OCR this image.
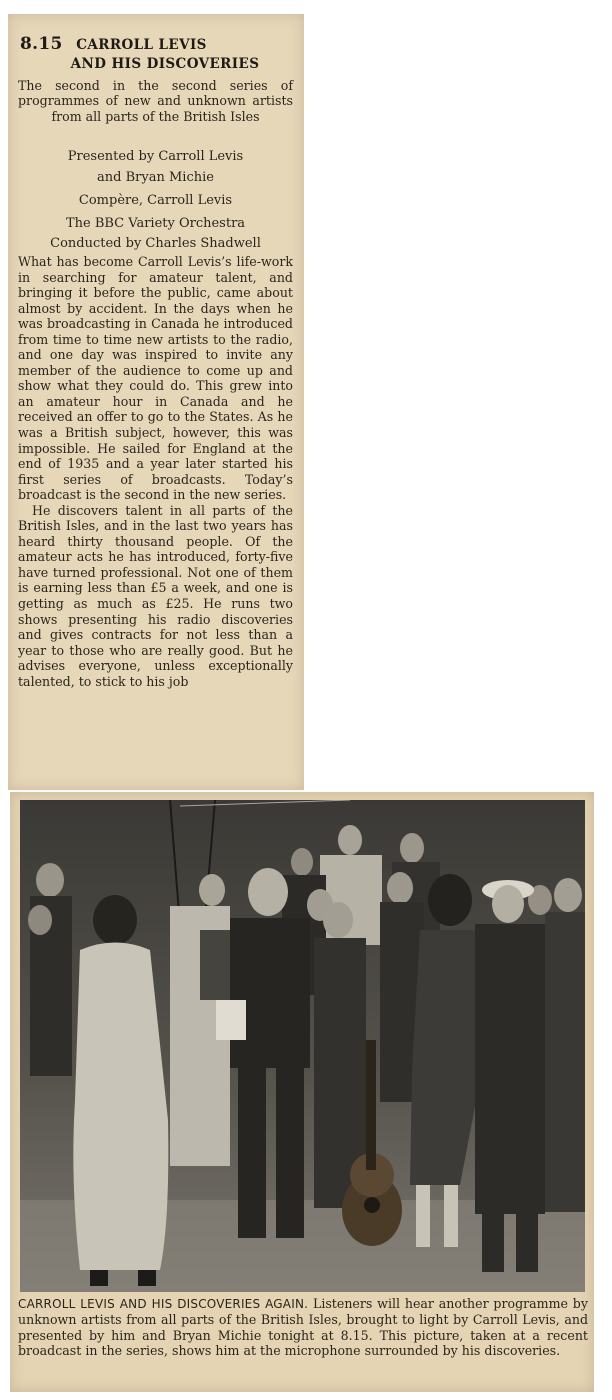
8.15 CARROLL LEVIS
AND HIS DISCOVERIES
The second in the second series of programmes of new and unknown artists from all parts of the British Isles
Presented by Carroll Levis
and Bryan Michie
Compère, Carroll Levis
The BBC Variety Orchestra
Conducted by Charles Shadwell

What has become Carroll Levis’s life-work in searching for amateur talent, and bringing it before the public, came about almost by accident. In the days when he was broadcasting in Canada he introduced from time to time new artists to the radio, and one day was inspired to invite any member of the audience to come up and show what they could do. This grew into an amateur hour in Canada and he received an offer to go to the States. As he was a British subject, however, this was impossible. He sailed for England at the end of 1935 and a year later started his first series of broadcasts. Today’s broadcast is the second in the new series.

He discovers talent in all parts of the British Isles, and in the last two years has heard thirty thousand people. Of the amateur acts he has introduced, forty-five have turned professional. Not one of them is earning less than £5 a week, and one is getting as much as £25. He runs two shows presenting his radio discoveries and gives contracts for not less than a year to those who are really good. But he advises everyone, unless exceptionally talented, to stick to his job

CARROLL LEVIS AND HIS DISCOVERIES AGAIN. Listeners will hear another programme by unknown artists from all parts of the British Isles, brought to light by Carroll Levis, and presented by him and Bryan Michie tonight at 8.15. This picture, taken at a recent broadcast in the series, shows him at the microphone surrounded by his discoveries.
